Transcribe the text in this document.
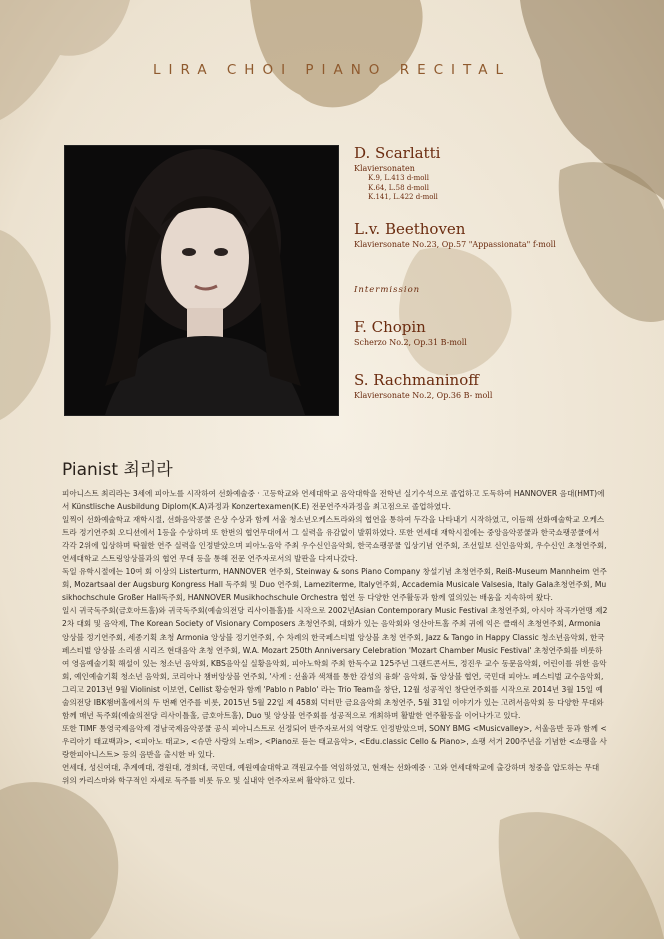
LIRA CHOI PIANO RECITAL

D. Scarlatti

Klaviersonaten

K.9, L.413 d-moll

K.64, L.58 d-moll

K.141, L.422 d-moll

L.v. Beethoven

Klaviersonate No.23, Op.57 "Appassionata" f-moll

Intermission

F. Chopin

Scherzo No.2, Op.31 B-moll

S. Rachmaninoff

Klaviersonate No.2, Op.36 B- moll

Pianist 최리라

피아니스트 최리라는 3세에 피아노를 시작하여 선화예술중 · 고등학교와 연세대학교 음악대학을 전학년 실기수석으로 졸업하고 도독하여 HANNOVER 음대(HMT)에서 Künstlische Ausbildung Diplom(K.A)과정과 Konzertexamen(K.E) 전문연주자과정을 최고점으로 졸업하였다.

일찍이 선화예술학교 재학시절, 선화음악콩쿨 은상 수상과 함께 서울 청소년오케스트라와의 협연을 통하여 두각을 나타내기 시작하였고, 이듬해 선화예술학교 오케스트라 정기연주회 오디션에서 1등을 수상하며 또 한번의 협연무대에서 그 실력을 유감없이 발휘하였다. 또한 연세대 재학시절에는 중앙음악콩쿨과 한국쇼팽콩쿨에서 각각 2위에 입상하며 탁월한 연주 실력을 인정받았으며 피아노음악 주최 우수신인음악회, 한국쇼팽콩쿨 입상기념 연주회, 조선일보 신인음악회, 우수신인 초청연주회, 연세대학교 스트링앙상블과의 협연 무대 등을 통해 전문 연주자로서의 발판을 다져나갔다.

독일 유학시절에는 10여 회 이상의 Listerturm, HANNOVER 연주회, Steinway & sons Piano Company 창설기념 초청연주회, Reiß-Museum Mannheim 연주회, Mozartsaal der Augsburg Kongress Hall 독주회 및 Duo 연주회, Lameziterme, Italy연주회, Accademia Musicale Valsesia, Italy Gala초청연주회, Musikhochschule Großer Hall독주회, HANNOVER Musikhochschule Orchestra 협연 등 다양한 연주활동과 함께 열의있는 배움을 지속하여 왔다.

일시 귀국독주회(금호아트홀)와 귀국독주회(예술의전당 리사이틀홀)를 시작으로 2002년Asian Contemporary Music Festival 초청연주회, 아시아 작곡가연맹 제22차 대회 및 음악제, The Korean Society of Visionary Composers 초청연주회, 대화가 있는 음악회와 영산아트홀 주최 귀에 익은 클래식 초청연주회, Armonia 앙상블 정기연주회, 세종기획 초청 Armonia 앙상블 정기연주회, 수 차례의 한국페스티벌 앙상블 초청 연주회, Jazz & Tango in Happy Classic 청소년음악회, 한국페스티벌 앙상블 소리샘 시리즈 현대음악 초청 연주회, W.A. Mozart 250th Anniversary Celebration 'Mozart Chamber Music Festival' 초청연주회를 비롯하여 영음예술기획 해설이 있는 청소년 음악회, KBS음악실 실황음악회, 피아노학회 주최 한독수교 125주년 그랜드콘서트, 정진우 교수 동문음악회, 어린이를 위한 음악회, 예인예술기획 청소년 음악회, 코리아나 챔버앙상블 연주회, '사계 : 선율과 색채를 통한 감성의 융화' 음악회, 돕 앙상블 협연, 국민대 피아노 페스티벌 교수음악회, 그리고 2013년 9월 Violinist 이보연, Cellist 황승현과 함께 'Pablo n Pablo' 라는 Trio Team을 창단, 12월 성공적인 창단연주회를 시작으로 2014년 3월 15일 예술의전당 IBK챔버홀에서의 두 번째 연주를 비롯, 2015년 5월 22일 제 458회 덕터만 금요음악회 초청연주, 5월 31일 이야기가 있는 고려서음악회 등 다양한 무대와 함께 매년 독주회(예술의전당 리사이틀홀, 금호아트홀), Duo 및 앙상블 연주회를 성공적으로 개최하며 활발한 연주활동을 이어나가고 있다.

또한 TIMF 통영국제음악제 경남국제음악콩쿨 공식 피아니스트로 선정되어 반주자로서의 역량도 인정받았으며, SONY BMG <Musicvalley>, 서울음반 등과 함께 <우리아기 태교백과>, <피아노 태교>, <슈만 사랑의 노래>, <Piano로 듣는 태교음악>, <Edu.classic Cello & Piano>, 쇼팽 서거 200주년을 기념한 <쇼팽을 사랑한피아니스트> 등의 음반을 출시한 바 있다.

연세대, 성신여대, 추계예대, 경원대, 경희대, 국민대, 예원예술대학교 객원교수를 역임하였고, 현재는 선화예중 · 고와 연세대학교에 출강하며 청중을 압도하는 무대 위의 카리스마와 학구적인 자세로 독주를 비롯 듀오 및 실내악 연주자로써 활약하고 있다.
